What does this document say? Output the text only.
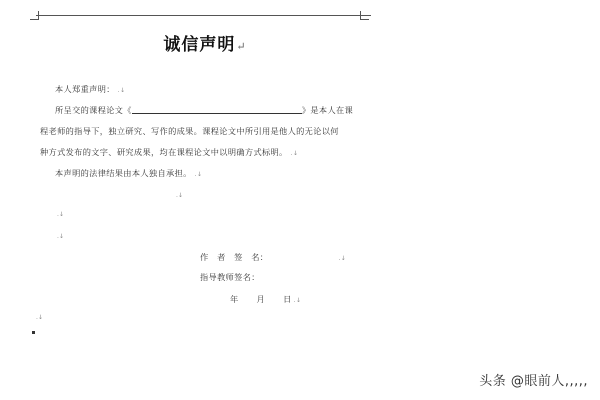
诚信声明↵
本人郑重声明： .↓
所呈交的课程论文《	》是本人在课
程老师的指导下，独立研究、写作的成果。课程论文中所引用是他人的无论以何
种方式发布的文字、研究成果，均在课程论文中以明确方式标明。 .↓
本声明的法律结果由本人独自承担。 .↓
.↓
.↓
.↓
作　者　签　名：	.↓
指导教师签名：
年 月 日 .↓
.↓
头条 @眼前人,,,,,
